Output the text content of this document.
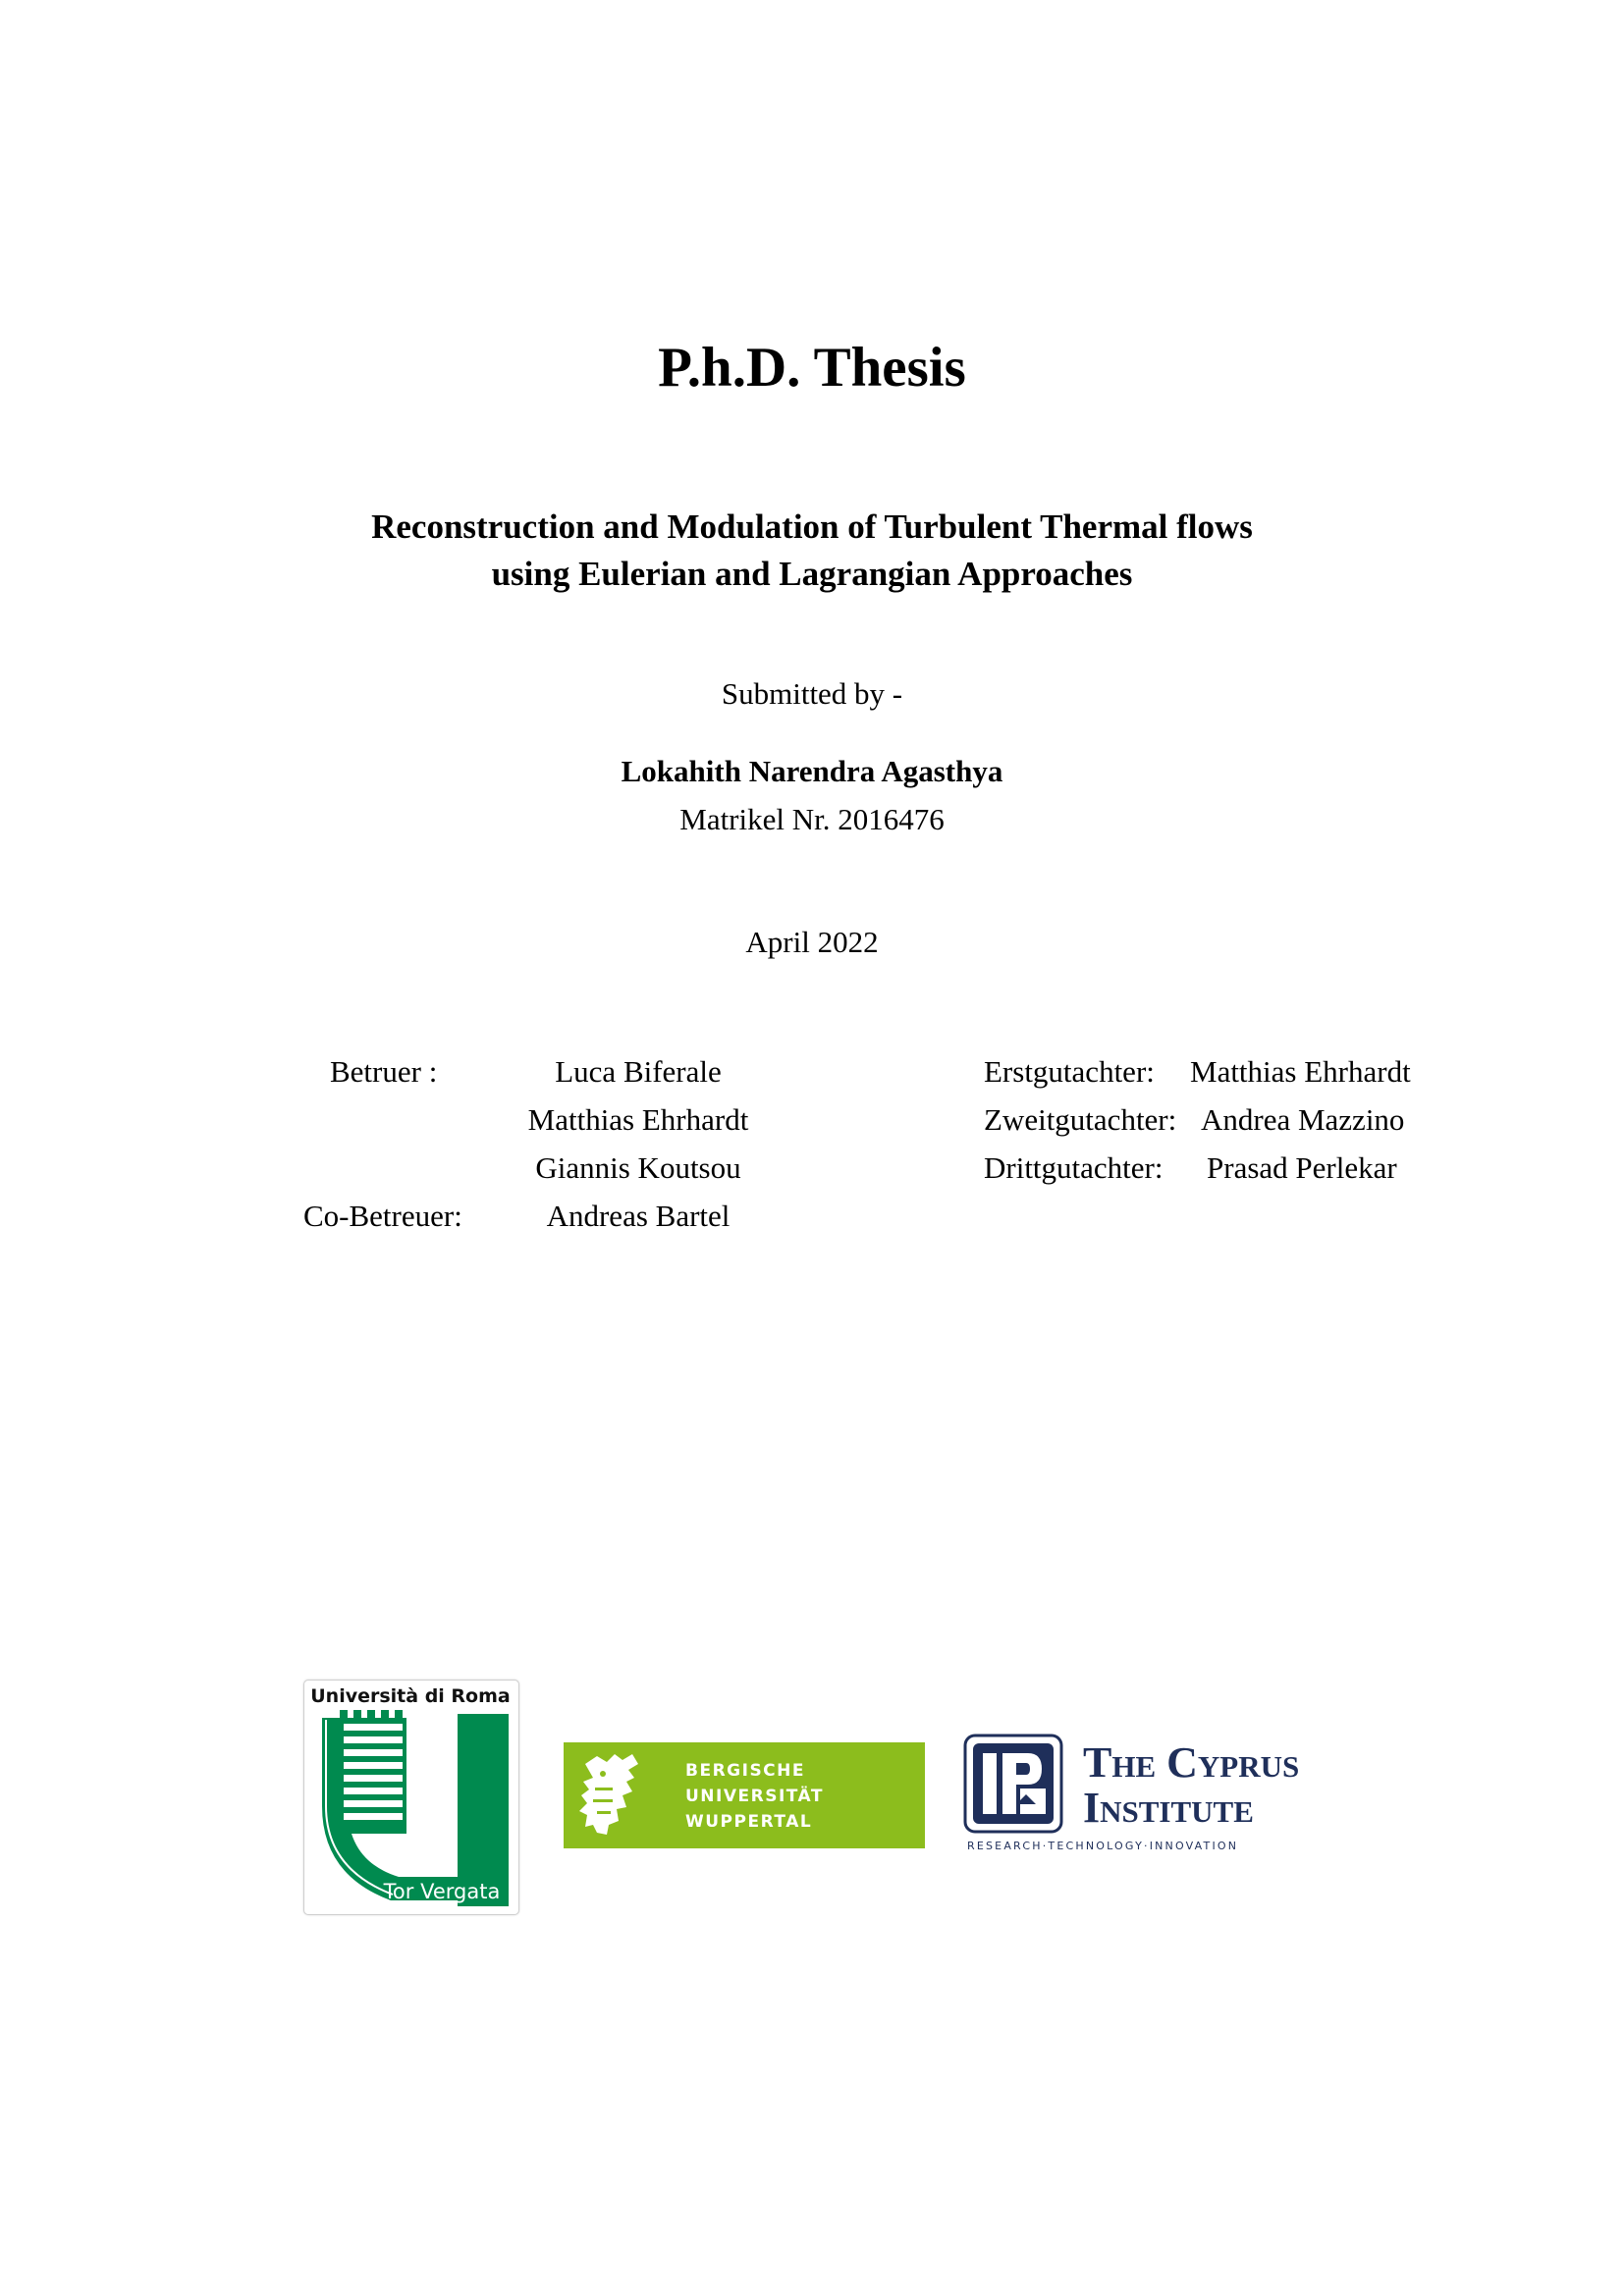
P.h.D. Thesis
Reconstruction and Modulation of Turbulent Thermal flows
using Eulerian and Lagrangian Approaches
Submitted by -
Lokahith Narendra Agasthya
Matrikel Nr. 2016476
April 2022
Betruer :	Luca Biferale
Matthias Ehrhardt
Giannis Koutsou
Co-Betreuer:	Andreas Bartel
Erstgutachter: Matthias Ehrhardt
Zweitgutachter: Andrea Mazzino
Drittgutachter: Prasad Perlekar
Università di Roma
Tor Vergata
BERGISCHE
UNIVERSITÄT
WUPPERTAL
The Cyprus
Institute
RESEARCH·TECHNOLOGY·INNOVATION
